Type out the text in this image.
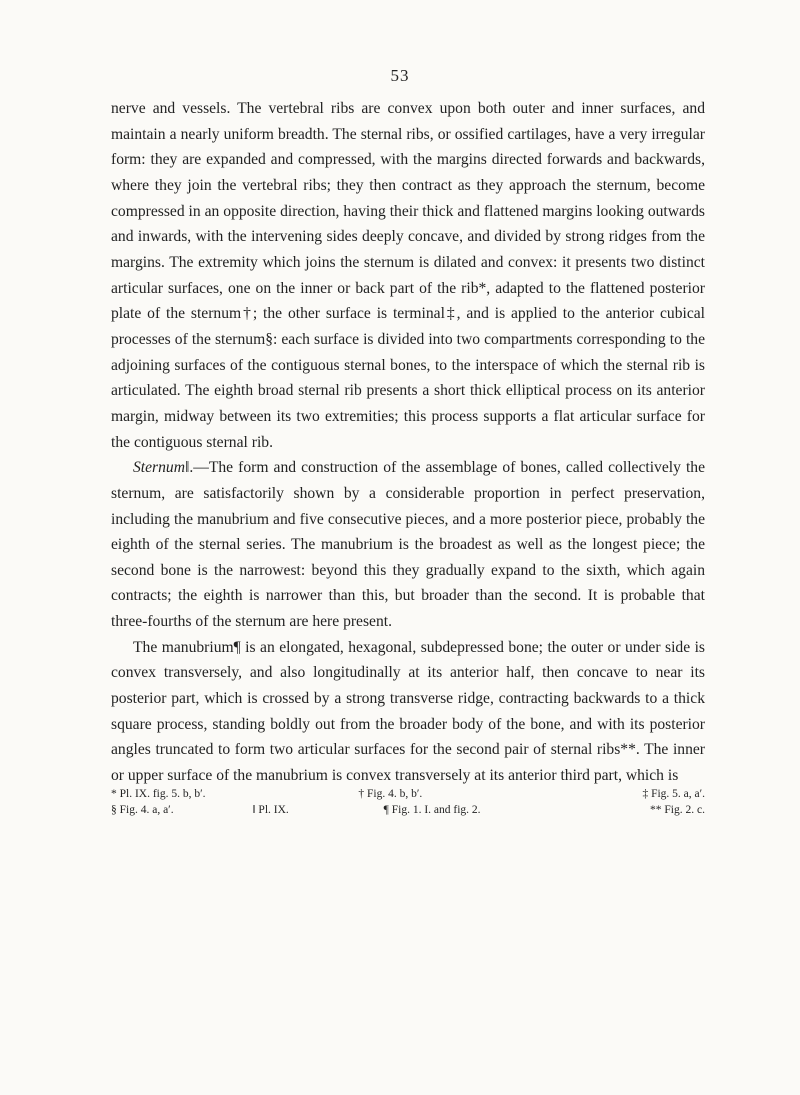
53

nerve and vessels. The vertebral ribs are convex upon both outer and inner surfaces, and maintain a nearly uniform breadth. The sternal ribs, or ossified cartilages, have a very irregular form: they are expanded and compressed, with the margins directed forwards and backwards, where they join the vertebral ribs; they then contract as they approach the sternum, become compressed in an opposite direction, having their thick and flattened margins looking outwards and inwards, with the intervening sides deeply concave, and divided by strong ridges from the margins. The extremity which joins the sternum is dilated and convex: it presents two distinct articular surfaces, one on the inner or back part of the rib*, adapted to the flattened posterior plate of the sternum†; the other surface is terminal‡, and is applied to the anterior cubical processes of the sternum§: each surface is divided into two compartments corresponding to the adjoining surfaces of the contiguous sternal bones, to the interspace of which the sternal rib is articulated. The eighth broad sternal rib presents a short thick elliptical process on its anterior margin, midway between its two extremities; this process supports a flat articular surface for the contiguous sternal rib.

Sternum‖.—The form and construction of the assemblage of bones, called collectively the sternum, are satisfactorily shown by a considerable proportion in perfect preservation, including the manubrium and five consecutive pieces, and a more posterior piece, probably the eighth of the sternal series. The manubrium is the broadest as well as the longest piece; the second bone is the narrowest: beyond this they gradually expand to the sixth, which again contracts; the eighth is narrower than this, but broader than the second. It is probable that three-fourths of the sternum are here present.

The manubrium¶ is an elongated, hexagonal, subdepressed bone; the outer or under side is convex transversely, and also longitudinally at its anterior half, then concave to near its posterior part, which is crossed by a strong transverse ridge, contracting backwards to a thick square process, standing boldly out from the broader body of the bone, and with its posterior angles truncated to form two articular surfaces for the second pair of sternal ribs**. The inner or upper surface of the manubrium is convex transversely at its anterior third part, which is

* Pl. IX. fig. 5. b, b′.	† Fig. 4. b, b′.	‡ Fig. 5. a, a′.
§ Fig. 4. a, a′.	‖ Pl. IX.	¶ Fig. 1. I. and fig. 2.	** Fig. 2. c.
